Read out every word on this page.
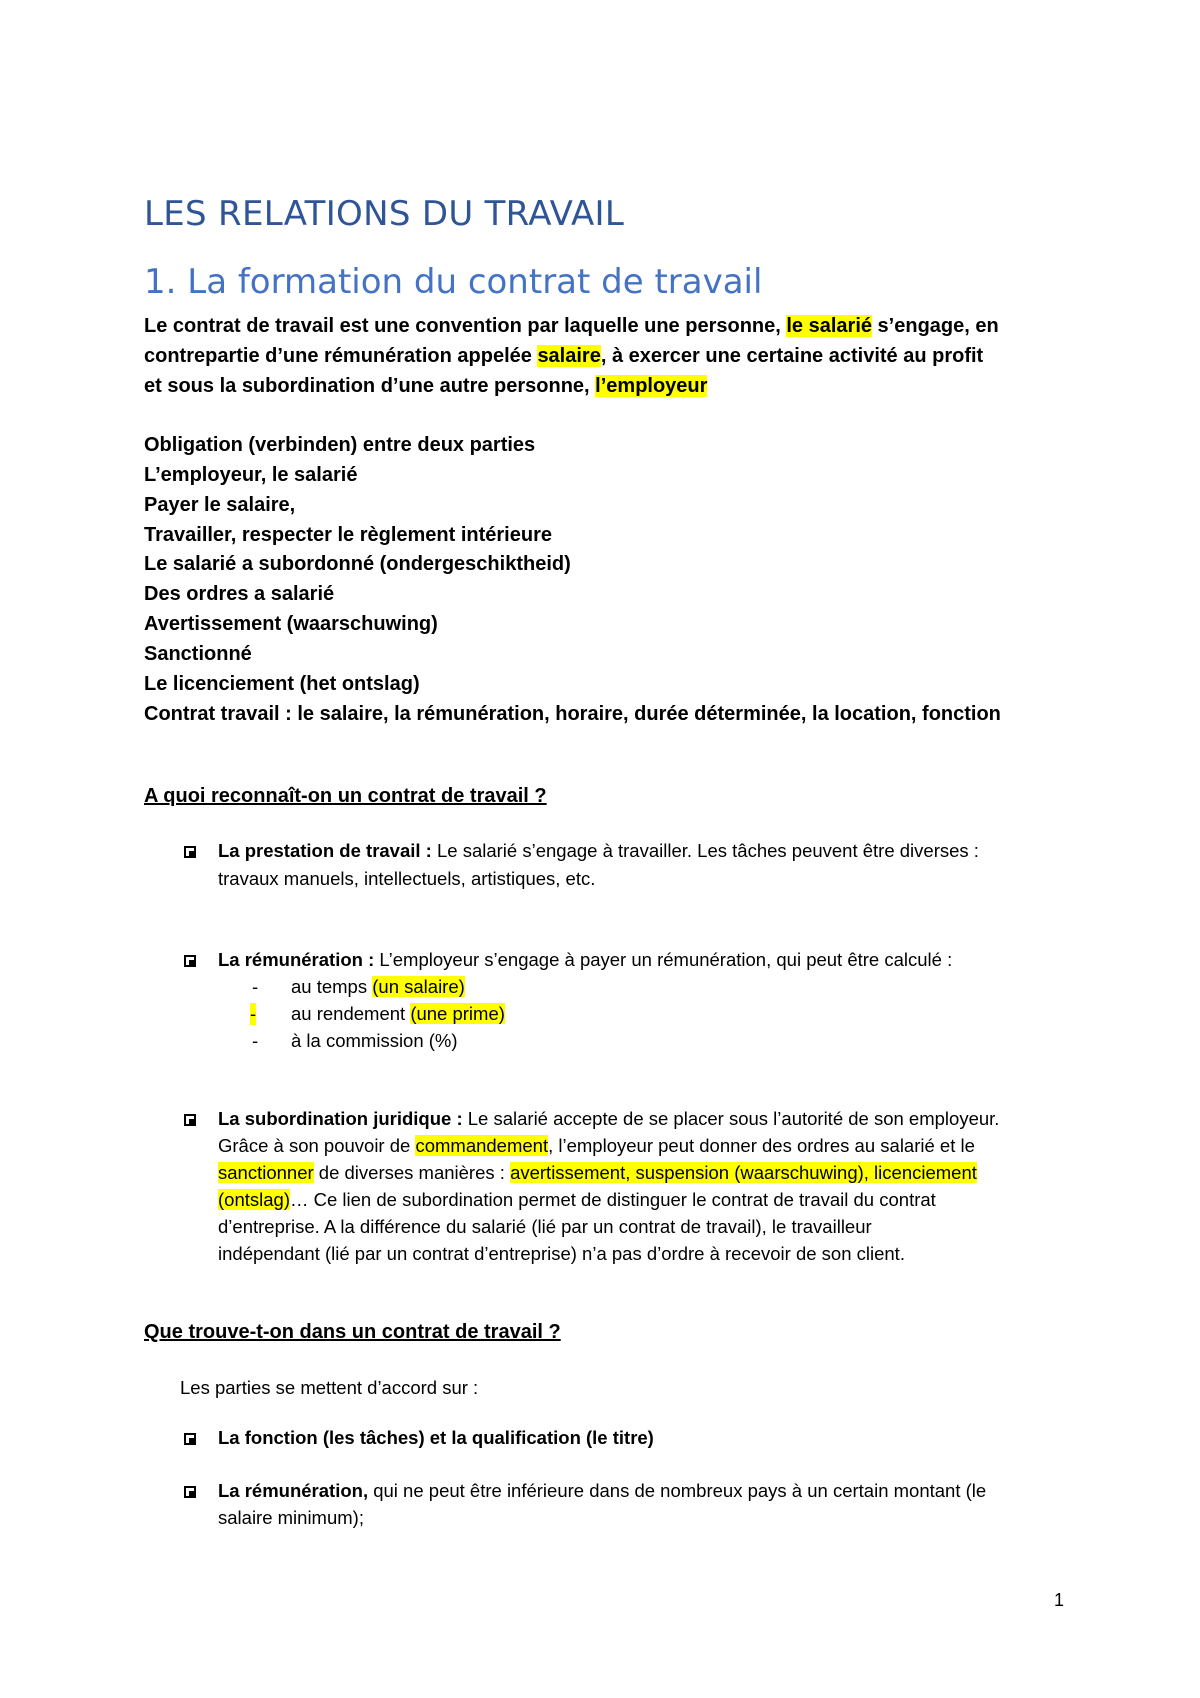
LES RELATIONS DU TRAVAIL
1. La formation du contrat de travail
Le contrat de travail est une convention par laquelle une personne, le salarié s’engage, en
contrepartie d’une rémunération appelée salaire, à exercer une certaine activité au profit
et sous la subordination d’une autre personne, l’employeur
Obligation (verbinden) entre deux parties
L’employeur, le salarié
Payer le salaire,
Travailler, respecter le règlement intérieure
Le salarié a subordonné (ondergeschiktheid)
Des ordres a salarié
Avertissement (waarschuwing)
Sanctionné
Le licenciement (het ontslag)
Contrat travail : le salaire, la rémunération, horaire, durée déterminée, la location, fonction
A quoi reconnaît-on un contrat de travail ?
La prestation de travail : Le salarié s’engage à travailler. Les tâches peuvent être diverses :
travaux manuels, intellectuels, artistiques, etc.
La rémunération : L’employeur s’engage à payer un rémunération, qui peut être calculé :
- au temps (un salaire)
- au rendement (une prime)
- à la commission (%)
La subordination juridique : Le salarié accepte de se placer sous l’autorité de son employeur.
Grâce à son pouvoir de commandement, l’employeur peut donner des ordres au salarié et le
sanctionner de diverses manières : avertissement, suspension (waarschuwing), licenciement
(ontslag)… Ce lien de subordination permet de distinguer le contrat de travail du contrat
d’entreprise. A la différence du salarié (lié par un contrat de travail), le travailleur
indépendant (lié par un contrat d’entreprise) n’a pas d’ordre à recevoir de son client.
Que trouve-t-on dans un contrat de travail ?
Les parties se mettent d’accord sur :
La fonction (les tâches) et la qualification (le titre)
La rémunération, qui ne peut être inférieure dans de nombreux pays à un certain montant (le
salaire minimum);
1
